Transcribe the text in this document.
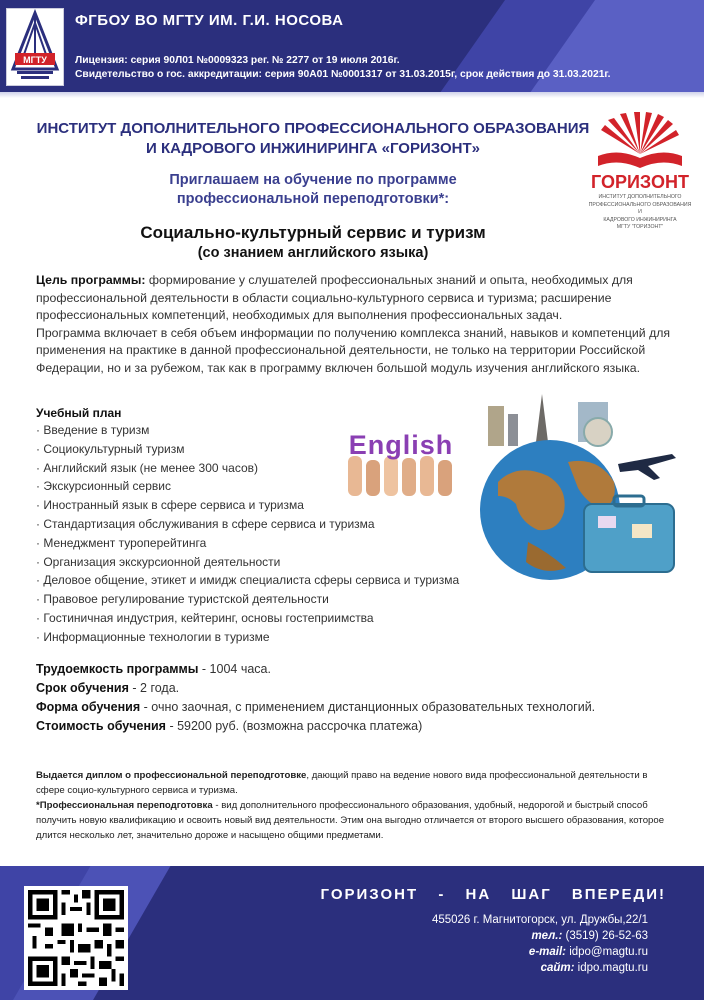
МГТУ
ФГБОУ ВО МГТУ ИМ. Г.И. НОСОВА
Лицензия: серия 90Л01 №0009323 рег. № 2277 от 19 июля 2016г.
Свидетельство о гос. аккредитации: серия 90А01 №0001317 от 31.03.2015г, срок действия до 31.03.2021г.
ИНСТИТУТ ДОПОЛНИТЕЛЬНОГО ПРОФЕССИОНАЛЬНОГО ОБРАЗОВАНИЯ
И КАДРОВОГО ИНЖИНИРИНГА «ГОРИЗОНТ»
Приглашаем на обучение по программе
профессиональной переподготовки*:
Социально-культурный сервис и туризм
(со знанием английского языка)
ГОРИЗОНТ
ИНСТИТУТ ДОПОЛНИТЕЛЬНОГО
ПРОФЕССИОНАЛЬНОГО ОБРАЗОВАНИЯ И
КАДРОВОГО ИНЖИНИРИНГА
МГТУ "ГОРИЗОНТ"
Цель программы: формирование у слушателей профессиональных знаний и опыта, необходимых для профессиональной деятельности в области социально-культурного сервиса и туризма; расширение профессиональных компетенций, необходимых для выполнения профессиональных задач.
Программа включает в себя объем информации по получению комплекса знаний, навыков и компетенций для применения на практике в данной профессиональной деятельности, не только на территории Российской Федерации, но и за рубежом, так как в программу включен большой модуль изучения английского языка.
Учебный план
· Введение в туризм
· Социокультурный туризм
· Английский язык (не менее 300 часов)
· Экскурсионный сервис
· Иностранный язык в сфере сервиса и туризма
· Стандартизация обслуживания в сфере сервиса и туризма
· Менеджмент туроперейтинга
· Организация экскурсионной деятельности
· Деловое общение, этикет и имидж специалиста сферы сервиса и туризма
· Правовое регулирование туристской деятельности
· Гостиничная индустрия, кейтеринг, основы гостеприимства
· Информационные технологии в туризме
English
Трудоемкость программы - 1004 часа.
Срок обучения - 2 года.
Форма обучения - очно заочная, с применением дистанционных образовательных технологий.
Стоимость обучения - 59200 руб. (возможна рассрочка платежа)
Выдается диплом о профессиональной переподготовке, дающий право на ведение нового вида профессиональной деятельности в сфере социо-культурного сервиса и туризма.
*Профессиональная переподготовка - вид дополнительного профессионального образования, удобный, недорогой и быстрый способ получить новую квалификацию и освоить новый вид деятельности. Этим она выгодно отличается от второго высшего образования, которое длится несколько лет, значительно дороже и насыщено общими предметами.
ГОРИЗОНТ - НА ШАГ ВПЕРЕДИ!
455026 г. Магнитогорск, ул. Дружбы,22/1
тел.: (3519) 26-52-63
e-mail: idpo@magtu.ru
сайт: idpo.magtu.ru
